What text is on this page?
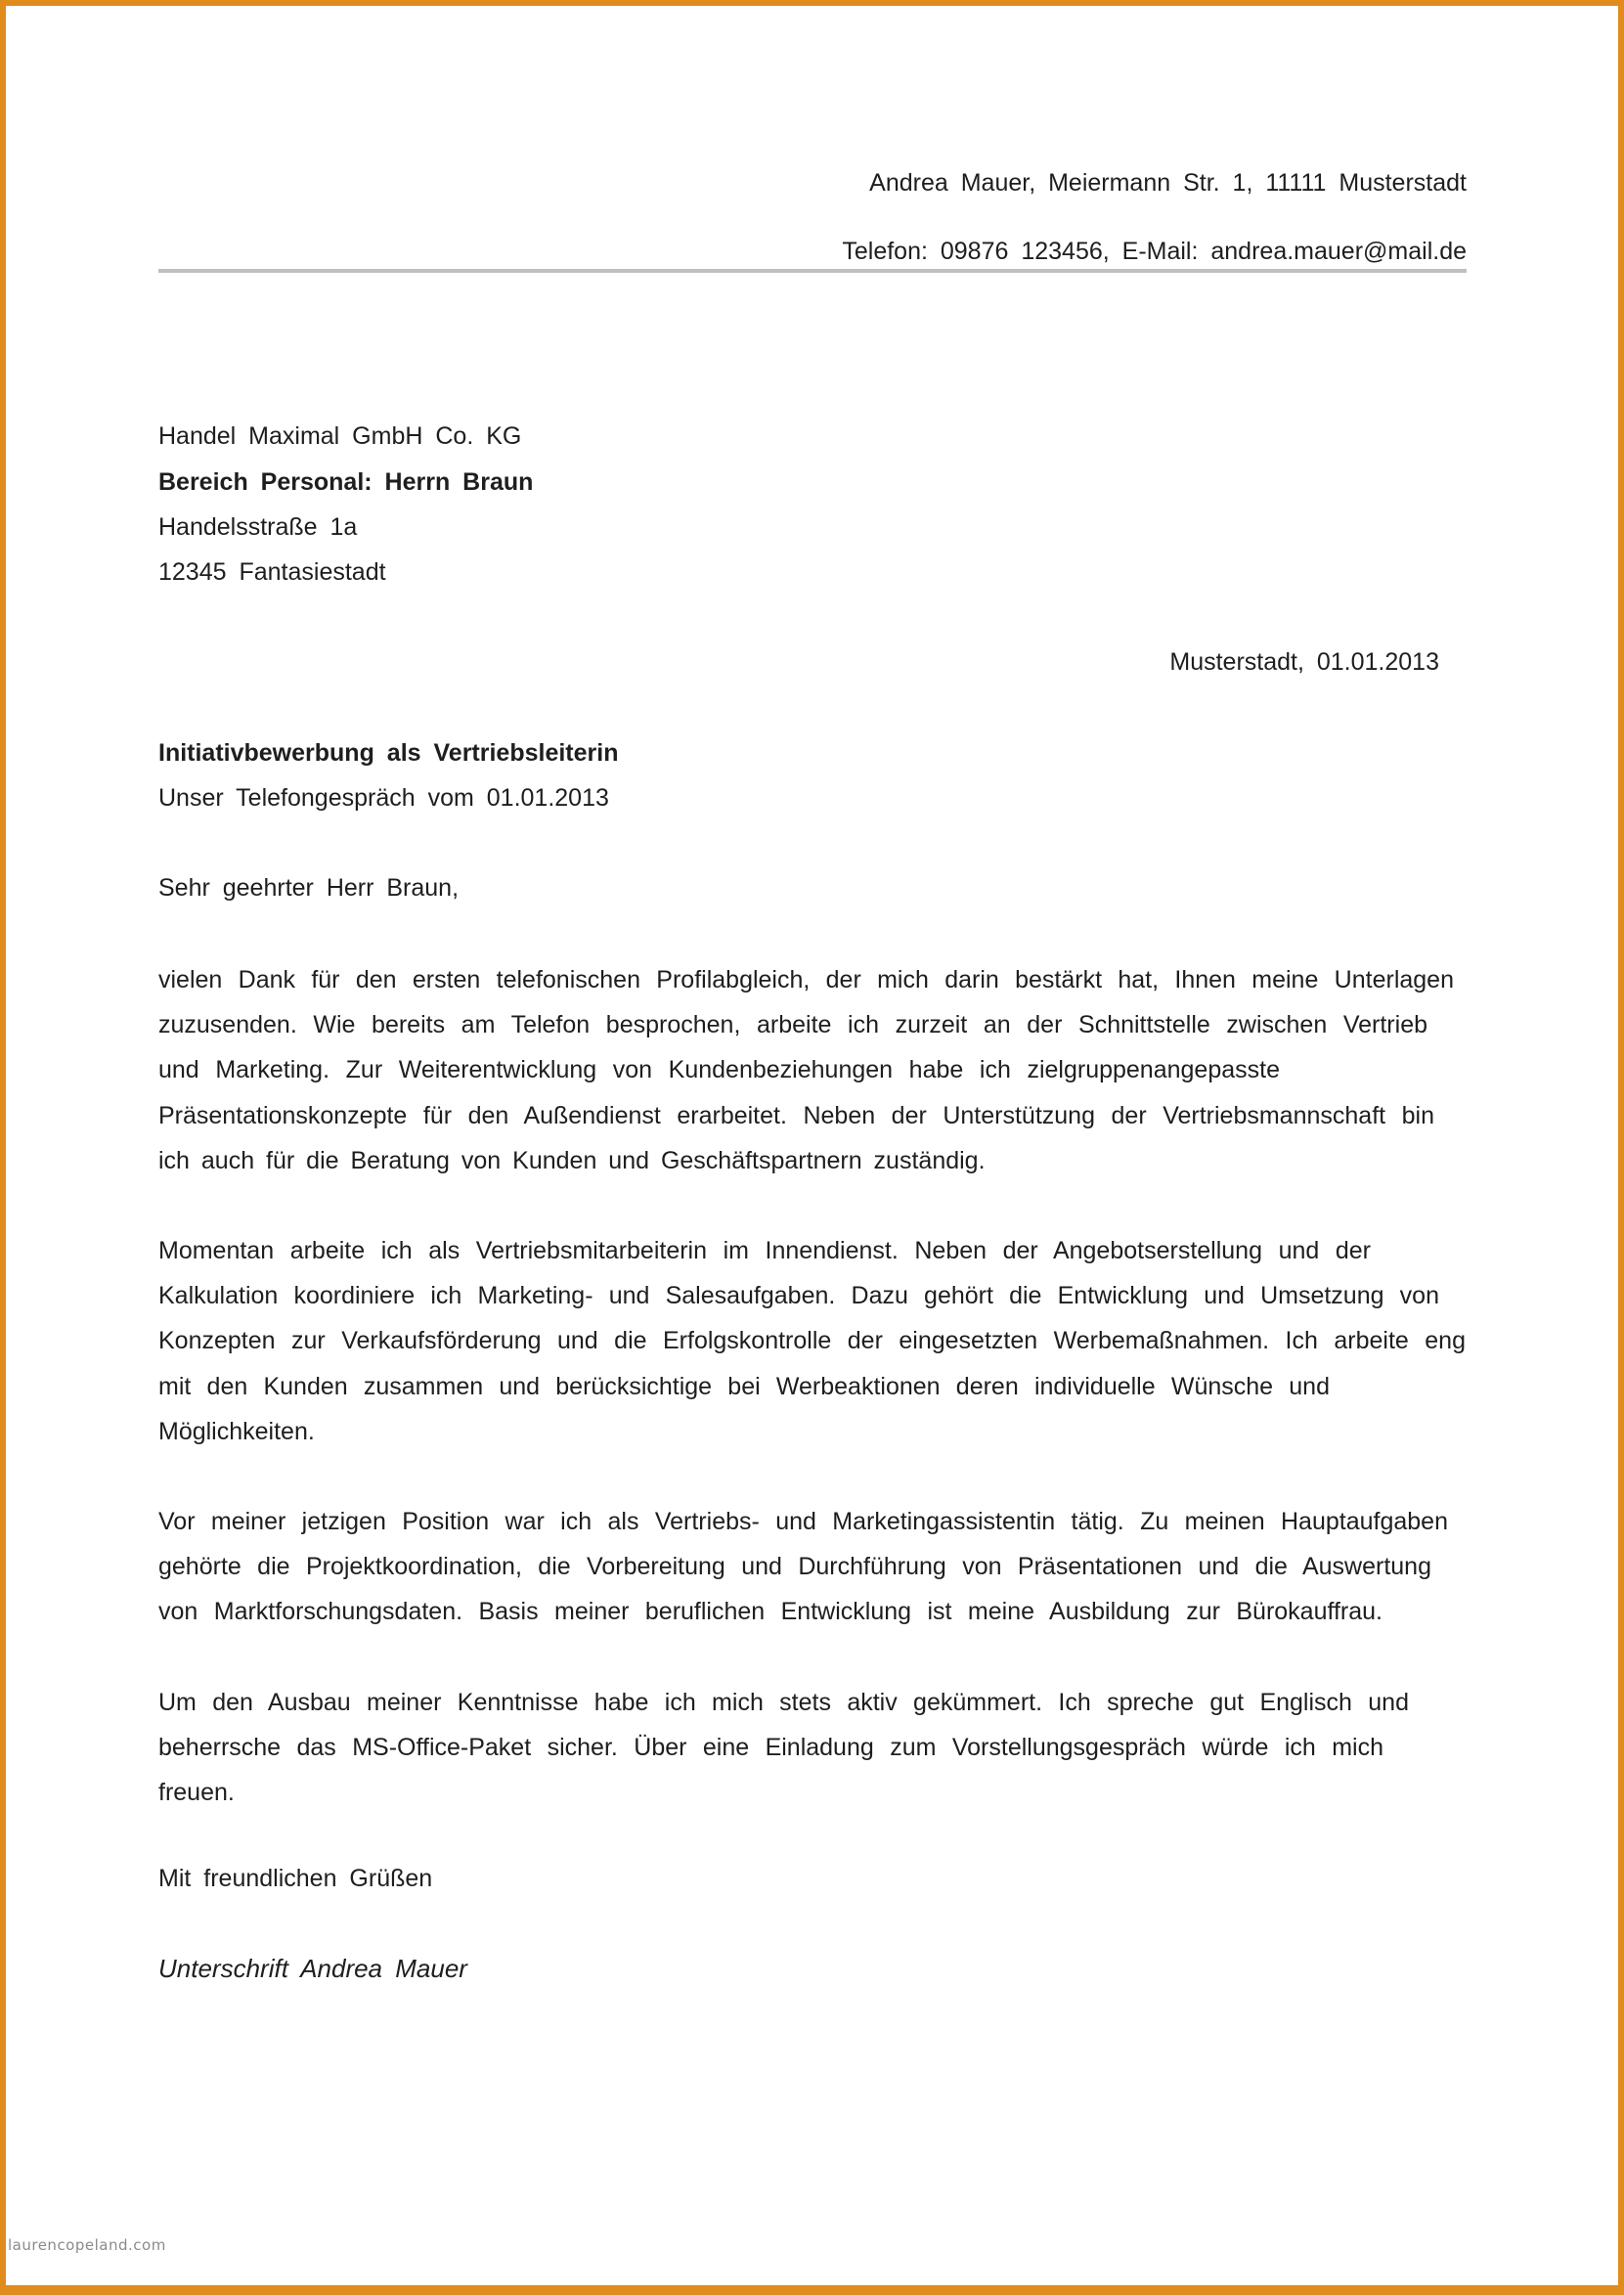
Andrea Mauer, Meiermann Str. 1, 11111 Musterstadt
Telefon: 09876 123456, E-Mail: andrea.mauer@mail.de
Handel Maximal GmbH Co. KG
Bereich Personal: Herrn Braun
Handelsstraße 1a
12345 Fantasiestadt
Musterstadt, 01.01.2013
Initiativbewerbung als Vertriebsleiterin
Unser Telefongespräch vom 01.01.2013
Sehr geehrter Herr Braun,
vielen Dank für den ersten telefonischen Profilabgleich, der mich darin bestärkt hat, Ihnen meine Unterlagen
zuzusenden. Wie bereits am Telefon besprochen, arbeite ich zurzeit an der Schnittstelle zwischen Vertrieb
und Marketing. Zur Weiterentwicklung von Kundenbeziehungen habe ich zielgruppenangepasste
Präsentationskonzepte für den Außendienst erarbeitet. Neben der Unterstützung der Vertriebsmannschaft bin
ich auch für die Beratung von Kunden und Geschäftspartnern zuständig.
Momentan arbeite ich als Vertriebsmitarbeiterin im Innendienst. Neben der Angebotserstellung und der
Kalkulation koordiniere ich Marketing- und Salesaufgaben. Dazu gehört die Entwicklung und Umsetzung von
Konzepten zur Verkaufsförderung und die Erfolgskontrolle der eingesetzten Werbemaßnahmen. Ich arbeite eng
mit den Kunden zusammen und berücksichtige bei Werbeaktionen deren individuelle Wünsche und
Möglichkeiten.
Vor meiner jetzigen Position war ich als Vertriebs- und Marketingassistentin tätig. Zu meinen Hauptaufgaben
gehörte die Projektkoordination, die Vorbereitung und Durchführung von Präsentationen und die Auswertung
von Marktforschungsdaten. Basis meiner beruflichen Entwicklung ist meine Ausbildung zur Bürokauffrau.
Um den Ausbau meiner Kenntnisse habe ich mich stets aktiv gekümmert. Ich spreche gut Englisch und
beherrsche das MS-Office-Paket sicher. Über eine Einladung zum Vorstellungsgespräch würde ich mich
freuen.
Mit freundlichen Grüßen
Unterschrift Andrea Mauer
laurencopeland.com
